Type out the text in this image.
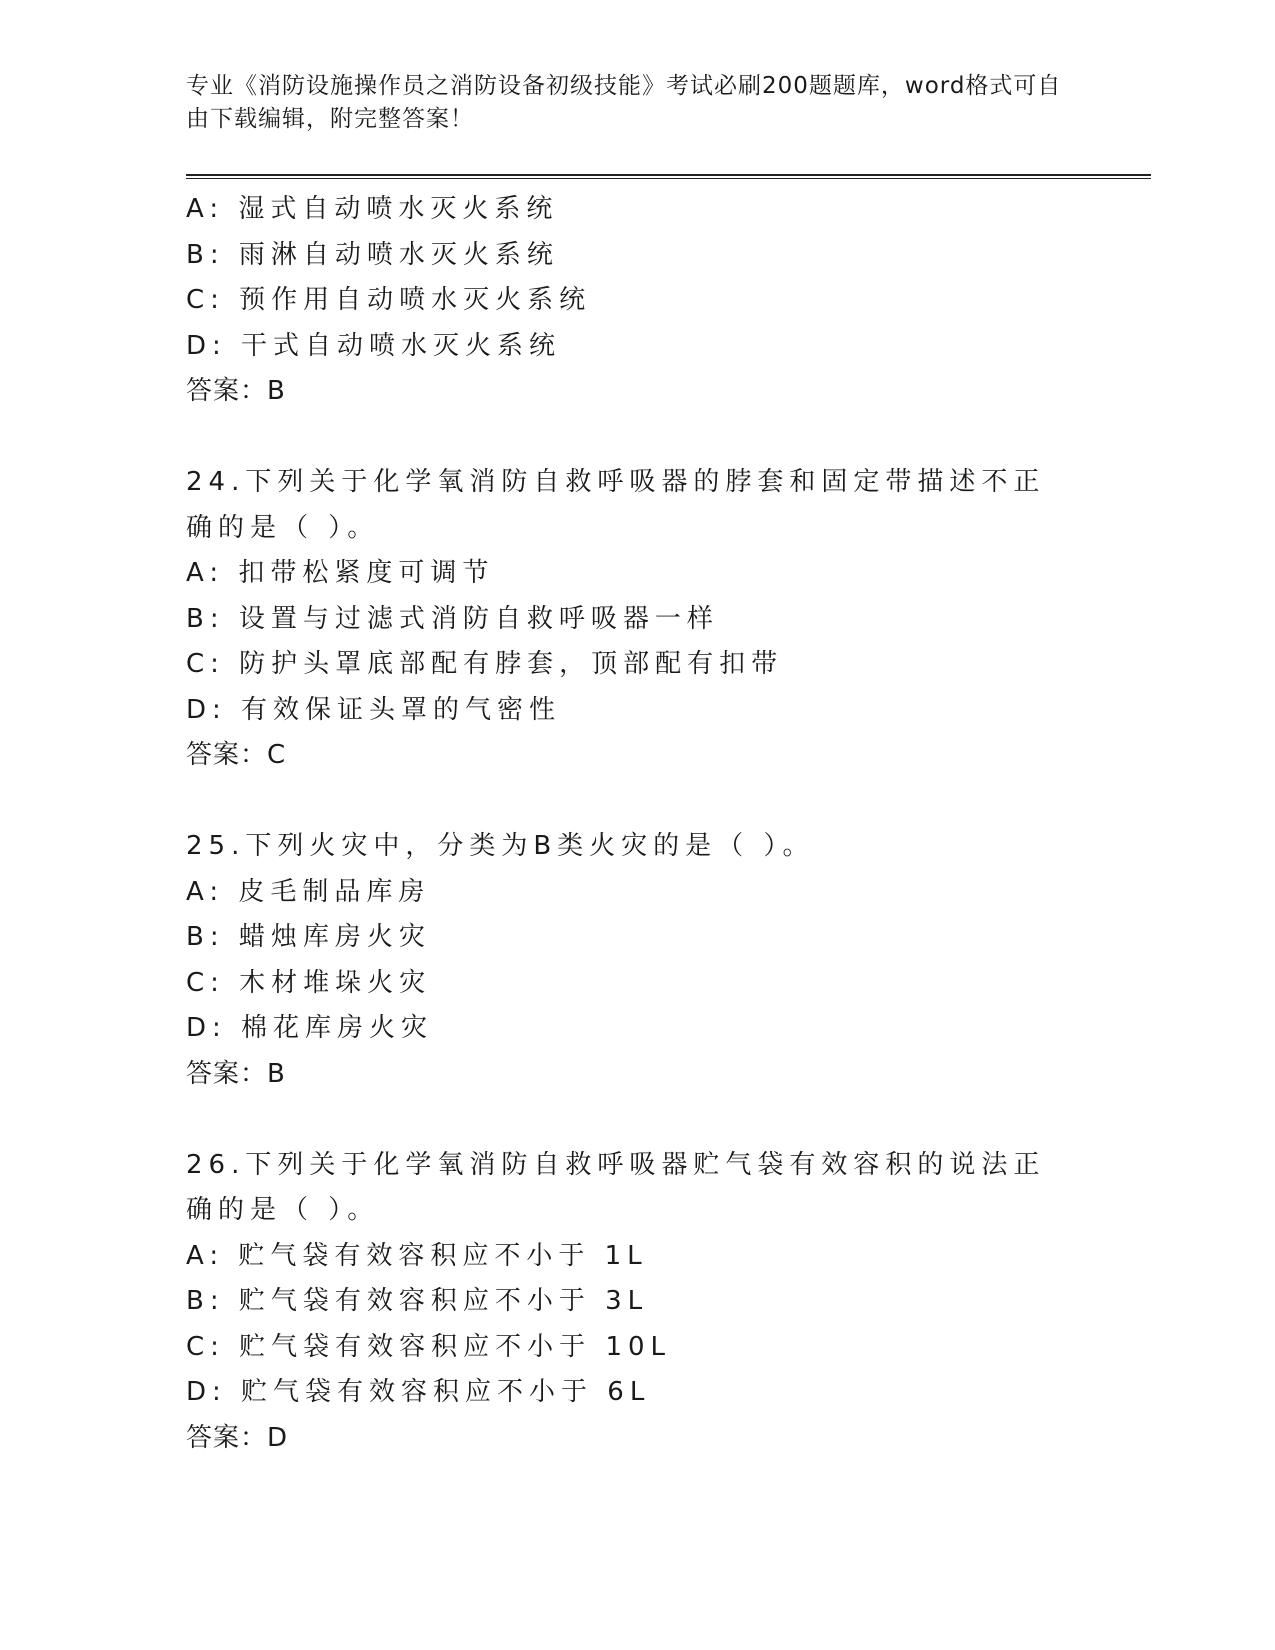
专业《消防设施操作员之消防设备初级技能》考试必刷200题题库，word格式可自由下载编辑，附完整答案！
A: 湿式自动喷水灭火系统
B: 雨淋自动喷水灭火系统
C: 预作用自动喷水灭火系统
D: 干式自动喷水灭火系统
答案：B
24.下列关于化学氧消防自救呼吸器的脖套和固定带描述不正确的是（ ）。
A: 扣带松紧度可调节
B: 设置与过滤式消防自救呼吸器一样
C: 防护头罩底部配有脖套，顶部配有扣带
D: 有效保证头罩的气密性
答案：C
25.下列火灾中，分类为B类火灾的是（ ）。
A: 皮毛制品库房
B: 蜡烛库房火灾
C: 木材堆垛火灾
D: 棉花库房火灾
答案：B
26.下列关于化学氧消防自救呼吸器贮气袋有效容积的说法正确的是（ ）。
A: 贮气袋有效容积应不小于 1L
B: 贮气袋有效容积应不小于 3L
C: 贮气袋有效容积应不小于 10L
D: 贮气袋有效容积应不小于 6L
答案：D
